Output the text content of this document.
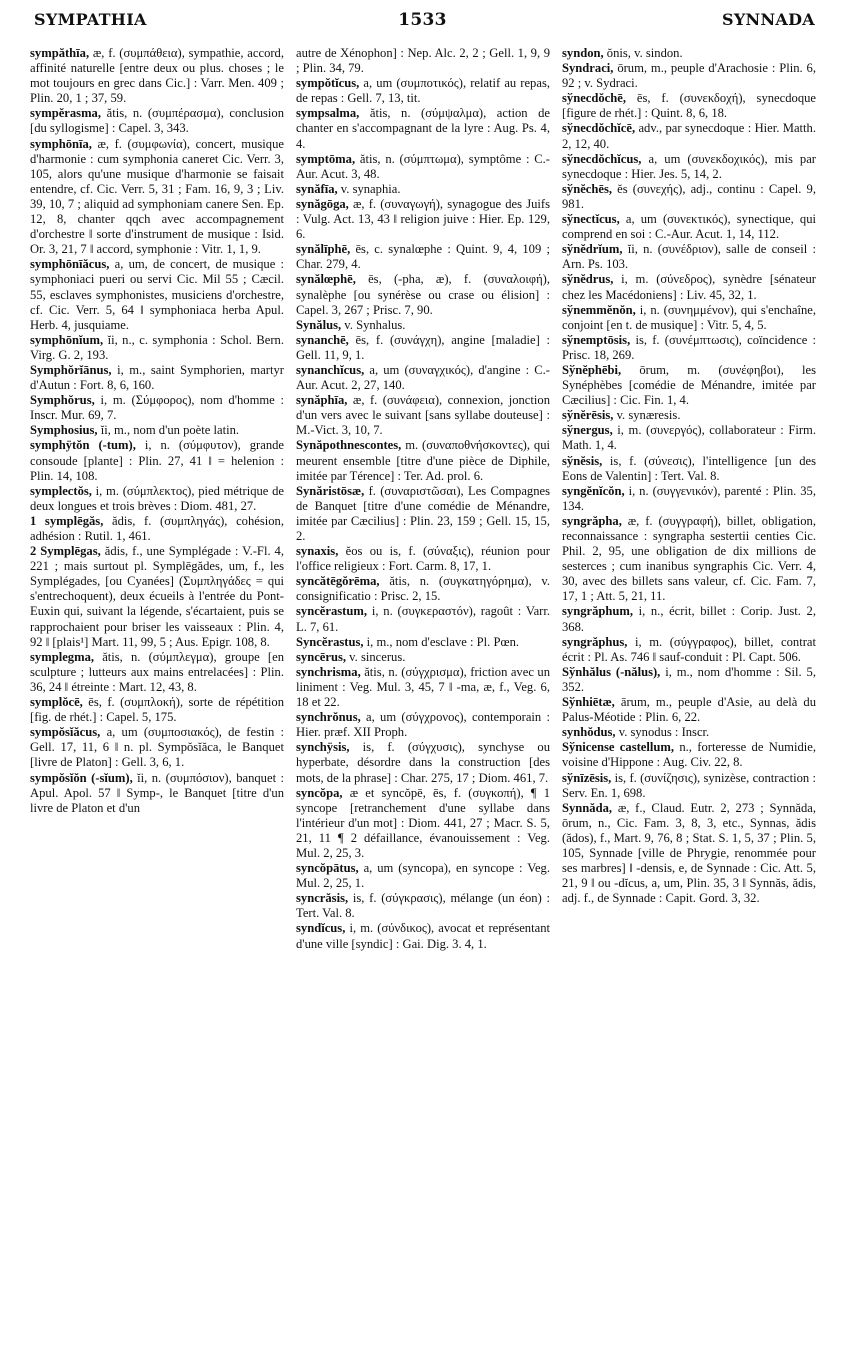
SYMPATHIA	1533	SYNNADA

sympăthīa, æ, f. (συμπάθεια), sympathie, accord, affinité naturelle [entre deux ou plus. choses ; le mot toujours en grec dans Cic.] : Varr. Men. 409 ; Plin. 20, 1 ; 37, 59.

sympĕrasma, ătis, n. (συμπέρασμα), conclusion [du syllogisme] : Capel. 3, 343.

symphōnīa, æ, f. (συμφωνία), concert, musique d'harmonie : cum symphonia caneret Cic. Verr. 3, 105, alors qu'une musique d'harmonie se faisait entendre, cf. Cic. Verr. 5, 31 ; Fam. 16, 9, 3 ; Liv. 39, 10, 7 ; aliquid ad symphoniam canere Sen. Ep. 12, 8, chanter qqch avec accompagnement d'orchestre ‖ sorte d'instrument de musique : Isid. Or. 3, 21, 7 ‖ accord, symphonie : Vitr. 1, 1, 9.

symphōnīăcus, a, um, de concert, de musique : symphoniaci pueri ou servi Cic. Mil 55 ; Cæcil. 55, esclaves symphonistes, musiciens d'orchestre, cf. Cic. Verr. 5, 64 ‖ symphoniaca herba Apul. Herb. 4, jusquiame.

symphōnĭum, ĭi, n., c. symphonia : Schol. Bern. Virg. G. 2, 193.

Symphŏrĭānus, i, m., saint Symphorien, martyr d'Autun : Fort. 8, 6, 160.

Symphŏrus, i, m. (Σύμφορος), nom d'homme : Inscr. Mur. 69, 7.

Symphosius, ĭi, m., nom d'un poète latin.

symphÿtŏn (-tum), i, n. (σύμφυτον), grande consoude [plante] : Plin. 27, 41 ‖ = helenion : Plin. 14, 108.

symplectŏs, i, m. (σύμπλεκτος), pied métrique de deux longues et trois brèves : Diom. 481, 27.

1 symplēgăs, ădis, f. (συμπληγάς), cohésion, adhésion : Rutil. 1, 461.

2 Symplēgas, ădis, f., une Symplégade : V.-Fl. 4, 221 ; mais surtout pl. Symplēgădes, um, f., les Symplégades, [ou Cyanées] (Συμπληγάδες = qui s'entrechoquent), deux écueils à l'entrée du Pont-Euxin qui, suivant la légende, s'écartaient, puis se rapprochaient pour briser les vaisseaux : Plin. 4, 92 ‖ [plais¹] Mart. 11, 99, 5 ; Aus. Epigr. 108, 8.

symplegma, ătis, n. (σύμπλεγμα), groupe [en sculpture ; lutteurs aux mains entrelacées] : Plin. 36, 24 ‖ étreinte : Mart. 12, 43, 8.

symplŏcē, ēs, f. (συμπλοκή), sorte de répétition [fig. de rhét.] : Capel. 5, 175.

sympŏsĭăcus, a, um (συμποσιακός), de festin : Gell. 17, 11, 6 ‖ n. pl. Sympŏsĭăca, le Banquet [livre de Platon] : Gell. 3, 6, 1.

sympŏsĭŏn (-sĭum), ĭi, n. (συμπόσιον), banquet : Apul. Apol. 57 ‖ Symp-, le Banquet [titre d'un livre de Platon et d'un

autre de Xénophon] : Nep. Alc. 2, 2 ; Gell. 1, 9, 9 ; Plin. 34, 79.

sympŏtĭcus, a, um (συμποτικός), relatif au repas, de repas : Gell. 7, 13, tit.

sympsalma, ătis, n. (σύμψαλμα), action de chanter en s'accompagnant de la lyre : Aug. Ps. 4, 4.

symptōma, ătis, n. (σύμπτωμα), symptôme : C.-Aur. Acut. 3, 48.

synăfīa, v. synaphia.

synăgōga, æ, f. (συναγωγή), synagogue des Juifs : Vulg. Act. 13, 43 ‖ religion juive : Hier. Ep. 129, 6.

synălīphē, ēs, c. synalœphe : Quint. 9, 4, 109 ; Char. 279, 4.

synălœphē, ēs, (-pha, æ), f. (συναλοιφή), synalèphe [ou synérèse ou crase ou élision] : Capel. 3, 267 ; Prisc. 7, 90.

Synălus, v. Synhalus.

synanchē, ēs, f. (συνάγχη), angine [maladie] : Gell. 11, 9, 1.

synanchĭcus, a, um (συναγχικός), d'angine : C.-Aur. Acut. 2, 27, 140.

synăphīa, æ, f. (συνάφεια), connexion, jonction d'un vers avec le suivant [sans syllabe douteuse] : M.-Vict. 3, 10, 7.

Synăpothnescontes, m. (συναποθνήσκοντες), qui meurent ensemble [titre d'une pièce de Diphile, imitée par Térence] : Ter. Ad. prol. 6.

Synăristōsæ, f. (συναριστῶσαι), Les Compagnes de Banquet [titre d'une comédie de Ménandre, imitée par Cæcilius] : Plin. 23, 159 ; Gell. 15, 15, 2.

synaxis, ĕos ou is, f. (σύναξις), réunion pour l'office religieux : Fort. Carm. 8, 17, 1.

syncătēgŏrēma, ătis, n. (συγκατηγόρημα), v. consignificatio : Prisc. 2, 15.

syncĕrastum, i, n. (συγκεραστόν), ragoût : Varr. L. 7, 61.

Syncĕrastus, i, m., nom d'esclave : Pl. Pœn.

syncērus, v. sincerus.

synchrisma, ătis, n. (σύγχρισμα), friction avec un liniment : Veg. Mul. 3, 45, 7 ‖ -ma, æ, f., Veg. 6, 18 et 22.

synchrŏnus, a, um (σύγχρονος), contemporain : Hier. præf. XII Proph.

synchÿsis, is, f. (σύγχυσις), synchyse ou hyperbate, désordre dans la construction [des mots, de la phrase] : Char. 275, 17 ; Diom. 461, 7.

syncŏpa, æ et syncŏpē, ēs, f. (συγκοπή), ¶ 1 syncope [retranchement d'une syllabe dans l'intérieur d'un mot] : Diom. 441, 27 ; Macr. S. 5, 21, 11 ¶ 2 défaillance, évanouissement : Veg. Mul. 2, 25, 3.

syncŏpātus, a, um (syncopa), en syncope : Veg. Mul. 2, 25, 1.

syncrăsis, is, f. (σύγκρασις), mélange (un éon) : Tert. Val. 8.

syndĭcus, i, m. (σύνδικος), avocat et représentant d'une ville [syndic] : Gai. Dig. 3. 4, 1.

syndon, ŏnis, v. sindon.

Syndraci, ōrum, m., peuple d'Arachosie : Plin. 6, 92 ; v. Sydraci.

sўnecdŏchē, ēs, f. (συνεκδοχή), synecdoque [figure de rhét.] : Quint. 8, 6, 18.

sўnecdŏchĭcē, adv., par synecdoque : Hier. Matth. 2, 12, 40.

sўnecdŏchĭcus, a, um (συνεκδοχικός), mis par synecdoque : Hier. Jes. 5, 14, 2.

sўnĕchēs, ĕs (συνεχής), adj., continu : Capel. 9, 981.

sўnectĭcus, a, um (συνεκτικός), synectique, qui comprend en soi : C.-Aur. Acut. 1, 14, 112.

sўnĕdrĭum, ĭi, n. (συνέδριον), salle de conseil : Arn. Ps. 103.

sўnĕdrus, i, m. (σύνεδρος), synèdre [sénateur chez les Macédoniens] : Liv. 45, 32, 1.

sўnemmĕnŏn, i, n. (συνημμένον), qui s'enchaîne, conjoint [en t. de musique] : Vitr. 5, 4, 5.

sўnemptōsis, is, f. (συνέμπτωσις), coïncidence : Prisc. 18, 269.

Sўnĕphēbi, ōrum, m. (συνέφηβοι), les Synéphèbes [comédie de Ménandre, imitée par Cæcilius] : Cic. Fin. 1, 4.

sўnĕrēsis, v. synæresis.

sўnergus, i, m. (συνεργός), collaborateur : Firm. Math. 1, 4.

sўnĕsis, is, f. (σύνεσις), l'intelligence [un des Eons de Valentin] : Tert. Val. 8.

syngĕnĭcŏn, i, n. (συγγενικόν), parenté : Plin. 35, 134.

syngrăpha, æ, f. (συγγραφή), billet, obligation, reconnaissance : syngrapha sestertii centies Cic. Phil. 2, 95, une obligation de dix millions de sesterces ; cum inanibus syngraphis Cic. Verr. 4, 30, avec des billets sans valeur, cf. Cic. Fam. 7, 17, 1 ; Att. 5, 21, 11.

syngrăphum, i, n., écrit, billet : Corip. Just. 2, 368.

syngrăphus, i, m. (σύγγραφος), billet, contrat écrit : Pl. As. 746 ‖ sauf-conduit : Pl. Capt. 506.

Sўnhălus (-nălus), i, m., nom d'homme : Sil. 5, 352.

Sўnhiētæ, ārum, m., peuple d'Asie, au delà du Palus-Méotide : Plin. 6, 22.

synhŏdus, v. synodus : Inscr.

Sўnicense castellum, n., forteresse de Numidie, voisine d'Hippone : Aug. Civ. 22, 8.

sўnīzēsis, is, f. (συνίζησις), synizèse, contraction : Serv. En. 1, 698.

Synnăda, æ, f., Claud. Eutr. 2, 273 ; Synnăda, ōrum, n., Cic. Fam. 3, 8, 3, etc., Synnas, ădis (ădos), f., Mart. 9, 76, 8 ; Stat. S. 1, 5, 37 ; Plin. 5, 105, Synnade [ville de Phrygie, renommée pour ses marbres] ‖ -densis, e, de Synnade : Cic. Att. 5, 21, 9 ‖ ou -dĭcus, a, um, Plin. 35, 3 ‖ Synnăs, ădis, adj. f., de Synnade : Capit. Gord. 3, 32.
